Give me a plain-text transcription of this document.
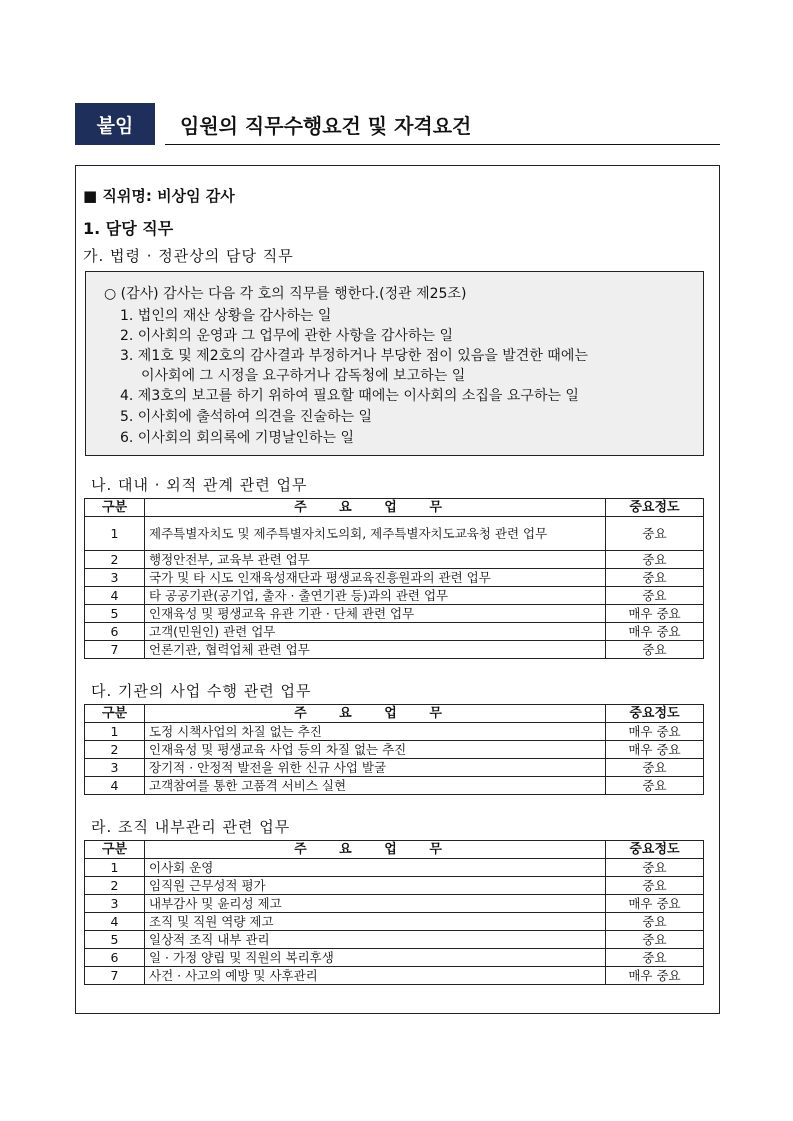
붙임	임원의 직무수행요건 및 자격요건
■ 직위명: 비상임 감사
1. 담당 직무
가. 법령 · 정관상의 담당 직무
○ (감사) 감사는 다음 각 호의 직무를 행한다.(정관 제25조)
1. 법인의 재산 상황을 감사하는 일
2. 이사회의 운영과 그 업무에 관한 사항을 감사하는 일
3. 제1호 및 제2호의 감사결과 부정하거나 부당한 점이 있음을 발견한 때에는
이사회에 그 시정을 요구하거나 감독청에 보고하는 일
4. 제3호의 보고를 하기 위하여 필요할 때에는 이사회의 소집을 요구하는 일
5. 이사회에 출석하여 의견을 진술하는 일
6. 이사회의 회의록에 기명날인하는 일
나. 대내 · 외적 관계 관련 업무
구분	주 요 업 무	중요정도
1	제주특별자치도 및 제주특별자치도의회, 제주특별자치도교육청 관련 업무	중요
2	행정안전부, 교육부 관련 업무	중요
3	국가 및 타 시도 인재육성재단과 평생교육진흥원과의 관련 업무	중요
4	타 공공기관(공기업, 출자 · 출연기관 등)과의 관련 업무	중요
5	인재육성 및 평생교육 유관 기관 · 단체 관련 업무	매우 중요
6	고객(민원인) 관련 업무	매우 중요
7	언론기관, 협력업체 관련 업무	중요
다. 기관의 사업 수행 관련 업무
구분	주 요 업 무	중요정도
1	도정 시책사업의 차질 없는 추진	매우 중요
2	인재육성 및 평생교육 사업 등의 차질 없는 추진	매우 중요
3	장기적 · 안정적 발전을 위한 신규 사업 발굴	중요
4	고객참여를 통한 고품격 서비스 실현	중요
라. 조직 내부관리 관련 업무
구분	주 요 업 무	중요정도
1	이사회 운영	중요
2	임직원 근무성적 평가	중요
3	내부감사 및 윤리성 제고	매우 중요
4	조직 및 직원 역량 제고	중요
5	일상적 조직 내부 관리	중요
6	일 · 가정 양립 및 직원의 복리후생	중요
7	사건 · 사고의 예방 및 사후관리	매우 중요
